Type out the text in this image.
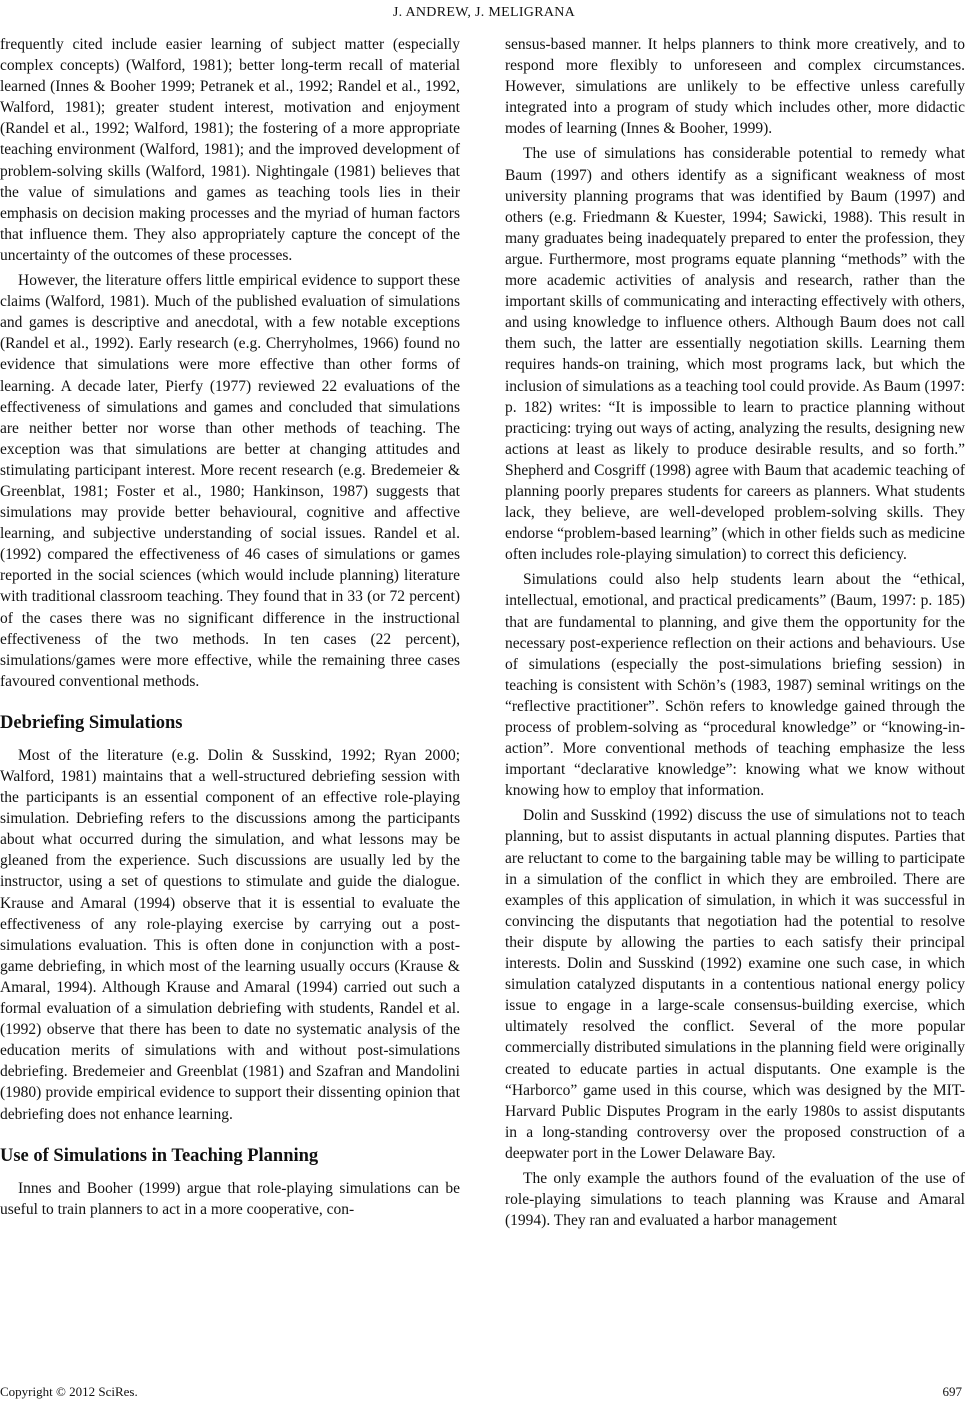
J. ANDREW, J. MELIGRANA

frequently cited include easier learning of subject matter (especially complex concepts) (Walford, 1981); better long-term recall of material learned (Innes & Booher 1999; Petranek et al., 1992; Randel et al., 1992, Walford, 1981); greater student interest, motivation and enjoyment (Randel et al., 1992; Walford, 1981); the fostering of a more appropriate teaching environment (Walford, 1981); and the improved development of problem-solving skills (Walford, 1981). Nightingale (1981) believes that the value of simulations and games as teaching tools lies in their emphasis on decision making processes and the myriad of human factors that influence them. They also appropriately capture the concept of the uncertainty of the outcomes of these processes.

However, the literature offers little empirical evidence to support these claims (Walford, 1981). Much of the published evaluation of simulations and games is descriptive and anecdotal, with a few notable exceptions (Randel et al., 1992). Early research (e.g. Cherryholmes, 1966) found no evidence that simulations were more effective than other forms of learning. A decade later, Pierfy (1977) reviewed 22 evaluations of the effectiveness of simulations and games and concluded that simulations are neither better nor worse than other methods of teaching. The exception was that simulations are better at changing attitudes and stimulating participant interest. More recent research (e.g. Bredemeier & Greenblat, 1981; Foster et al., 1980; Hankinson, 1987) suggests that simulations may provide better behavioural, cognitive and affective learning, and subjective understanding of social issues. Randel et al. (1992) compared the effectiveness of 46 cases of simulations or games reported in the social sciences (which would include planning) literature with traditional classroom teaching. They found that in 33 (or 72 percent) of the cases there was no significant difference in the instructional effectiveness of the two methods. In ten cases (22 percent), simulations/games were more effective, while the remaining three cases favoured conventional methods.

Debriefing Simulations

Most of the literature (e.g. Dolin & Susskind, 1992; Ryan 2000; Walford, 1981) maintains that a well-structured debriefing session with the participants is an essential component of an effective role-playing simulation. Debriefing refers to the discussions among the participants about what occurred during the simulation, and what lessons may be gleaned from the experience. Such discussions are usually led by the instructor, using a set of questions to stimulate and guide the dialogue. Krause and Amaral (1994) observe that it is essential to evaluate the effectiveness of any role-playing exercise by carrying out a post-simulations evaluation. This is often done in conjunction with a post-game debriefing, in which most of the learning usually occurs (Krause & Amaral, 1994). Although Krause and Amaral (1994) carried out such a formal evaluation of a simulation debriefing with students, Randel et al. (1992) observe that there has been to date no systematic analysis of the education merits of simulations with and without post-simulations debriefing. Bredemeier and Greenblat (1981) and Szafran and Mandolini (1980) provide empirical evidence to support their dissenting opinion that debriefing does not enhance learning.

Use of Simulations in Teaching Planning

Innes and Booher (1999) argue that role-playing simulations can be useful to train planners to act in a more cooperative, con-

sensus-based manner. It helps planners to think more creatively, and to respond more flexibly to unforeseen and complex circumstances. However, simulations are unlikely to be effective unless carefully integrated into a program of study which includes other, more didactic modes of learning (Innes & Booher, 1999).

The use of simulations has considerable potential to remedy what Baum (1997) and others identify as a significant weakness of most university planning programs that was identified by Baum (1997) and others (e.g. Friedmann & Kuester, 1994; Sawicki, 1988). This result in many graduates being inadequately prepared to enter the profession, they argue. Furthermore, most programs equate planning “methods” with the more academic activities of analysis and research, rather than the important skills of communicating and interacting effectively with others, and using knowledge to influence others. Although Baum does not call them such, the latter are essentially negotiation skills. Learning them requires hands-on training, which most programs lack, but which the inclusion of simulations as a teaching tool could provide. As Baum (1997: p. 182) writes: “It is impossible to learn to practice planning without practicing: trying out ways of acting, analyzing the results, designing new actions at least as likely to produce desirable results, and so forth.” Shepherd and Cosgriff (1998) agree with Baum that academic teaching of planning poorly prepares students for careers as planners. What students lack, they believe, are well-developed problem-solving skills. They endorse “problem-based learning” (which in other fields such as medicine often includes role-playing simulation) to correct this deficiency.

Simulations could also help students learn about the “ethical, intellectual, emotional, and practical predicaments” (Baum, 1997: p. 185) that are fundamental to planning, and give them the opportunity for the necessary post-experience reflection on their actions and behaviours. Use of simulations (especially the post-simulations briefing session) in teaching is consistent with Schön’s (1983, 1987) seminal writings on the “reflective practitioner”. Schön refers to knowledge gained through the process of problem-solving as “procedural knowledge” or “knowing-in-action”. More conventional methods of teaching emphasize the less important “declarative knowledge”: knowing what we know without knowing how to employ that information.

Dolin and Susskind (1992) discuss the use of simulations not to teach planning, but to assist disputants in actual planning disputes. Parties that are reluctant to come to the bargaining table may be willing to participate in a simulation of the conflict in which they are embroiled. There are examples of this application of simulation, in which it was successful in convincing the disputants that negotiation had the potential to resolve their dispute by allowing the parties to each satisfy their principal interests. Dolin and Susskind (1992) examine one such case, in which simulation catalyzed disputants in a contentious national energy policy issue to engage in a large-scale consensus-building exercise, which ultimately resolved the conflict. Several of the more popular commercially distributed simulations in the planning field were originally created to educate parties in actual disputants. One example is the “Harborco” game used in this course, which was designed by the MIT-Harvard Public Disputes Program in the early 1980s to assist disputants in a long-standing controversy over the proposed construction of a deepwater port in the Lower Delaware Bay.

The only example the authors found of the evaluation of the use of role-playing simulations to teach planning was Krause and Amaral (1994). They ran and evaluated a harbor management

Copyright © 2012 SciRes.	697
